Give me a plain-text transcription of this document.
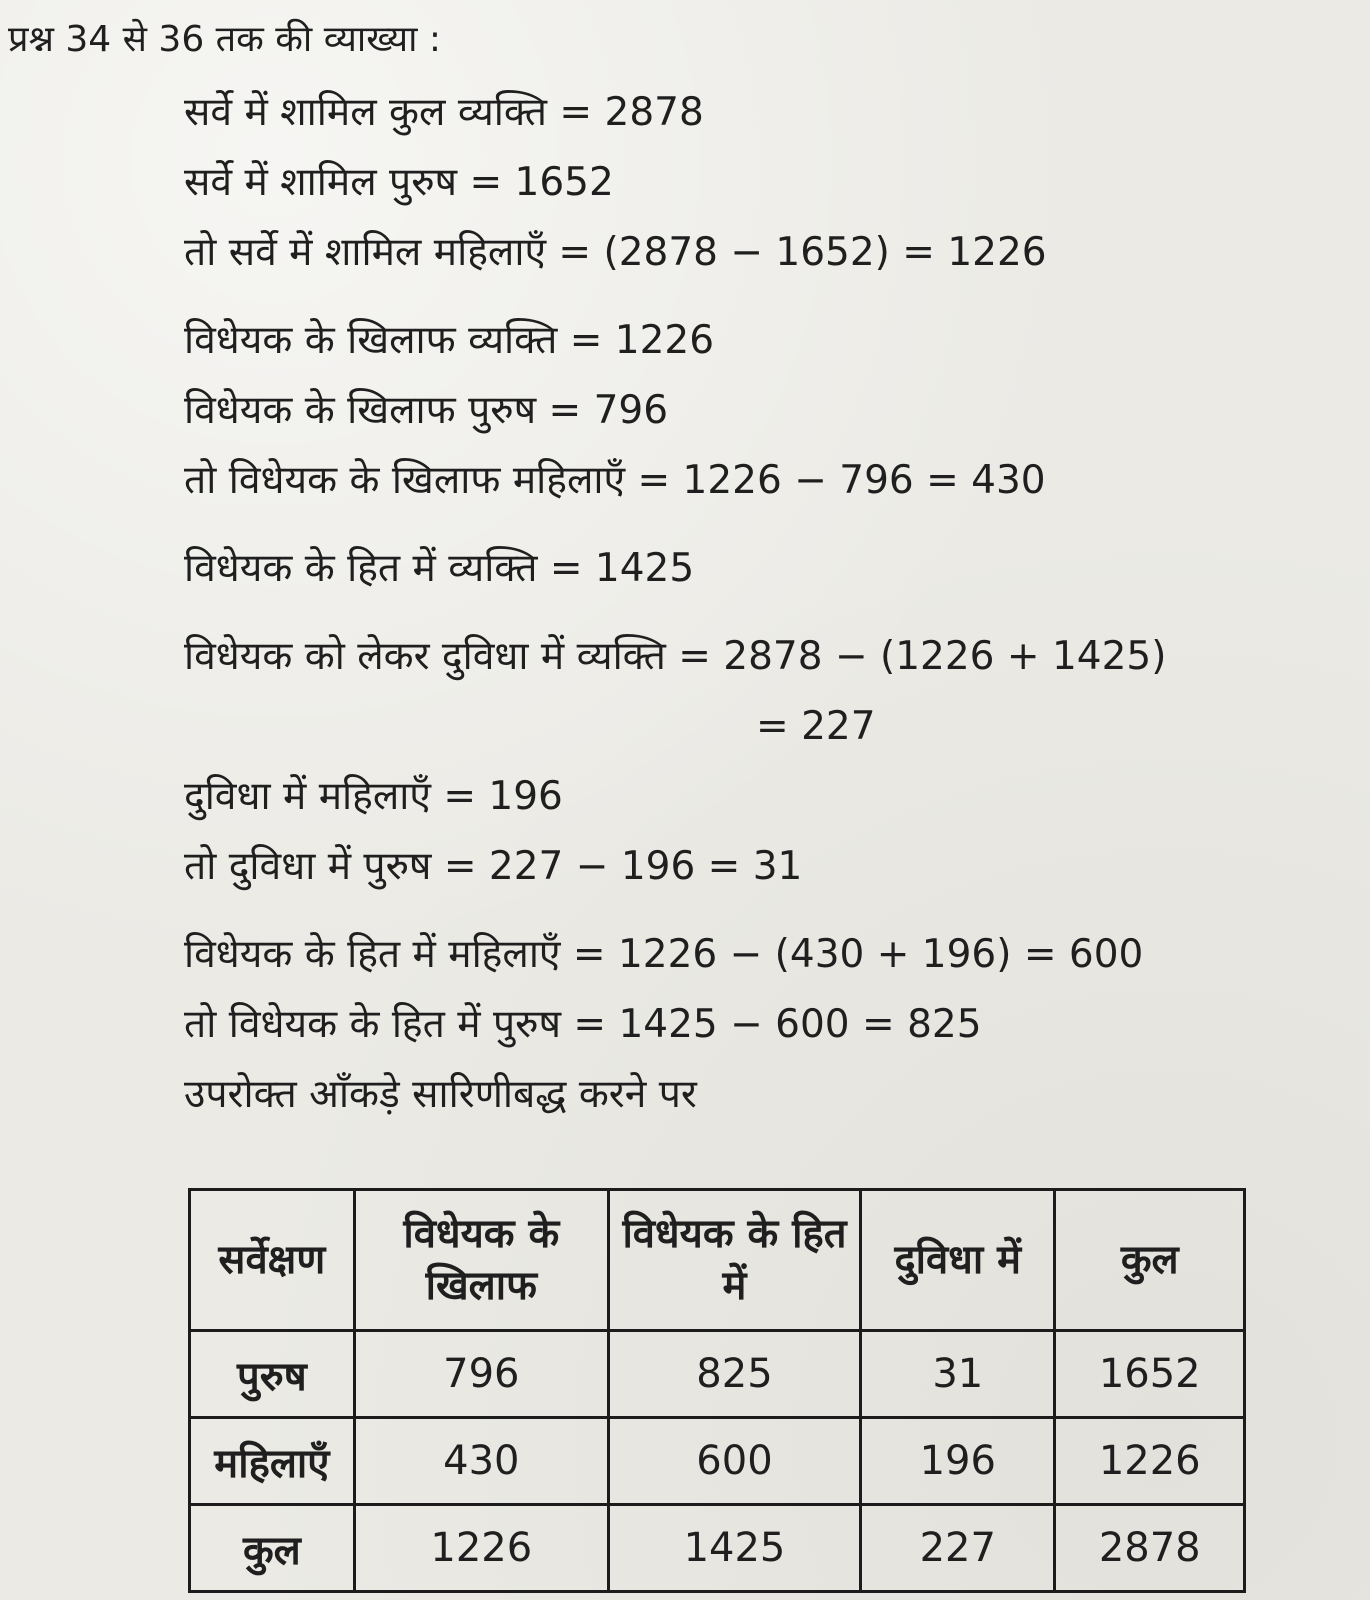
प्रश्न 34 से 36 तक की व्याख्या :

सर्वे में शामिल कुल व्यक्ति = 2878

सर्वे में शामिल पुरुष = 1652

तो सर्वे में शामिल महिलाएँ = (2878 − 1652) = 1226

विधेयक के खिलाफ व्यक्ति = 1226

विधेयक के खिलाफ पुरुष = 796

तो विधेयक के खिलाफ महिलाएँ = 1226 − 796 = 430

विधेयक के हित में व्यक्ति = 1425

विधेयक को लेकर दुविधा में व्यक्ति = 2878 − (1226 + 1425)

= 227

दुविधा में महिलाएँ = 196

तो दुविधा में पुरुष = 227 − 196 = 31

विधेयक के हित में महिलाएँ = 1226 − (430 + 196) = 600

तो विधेयक के हित में पुरुष = 1425 − 600 = 825

उपरोक्त आँकड़े सारिणीबद्ध करने पर

सर्वेक्षण	विधेयक के खिलाफ	विधेयक के हित में	दुविधा में	कुल
पुरुष	796	825	31	1652
महिलाएँ	430	600	196	1226
कुल	1226	1425	227	2878
